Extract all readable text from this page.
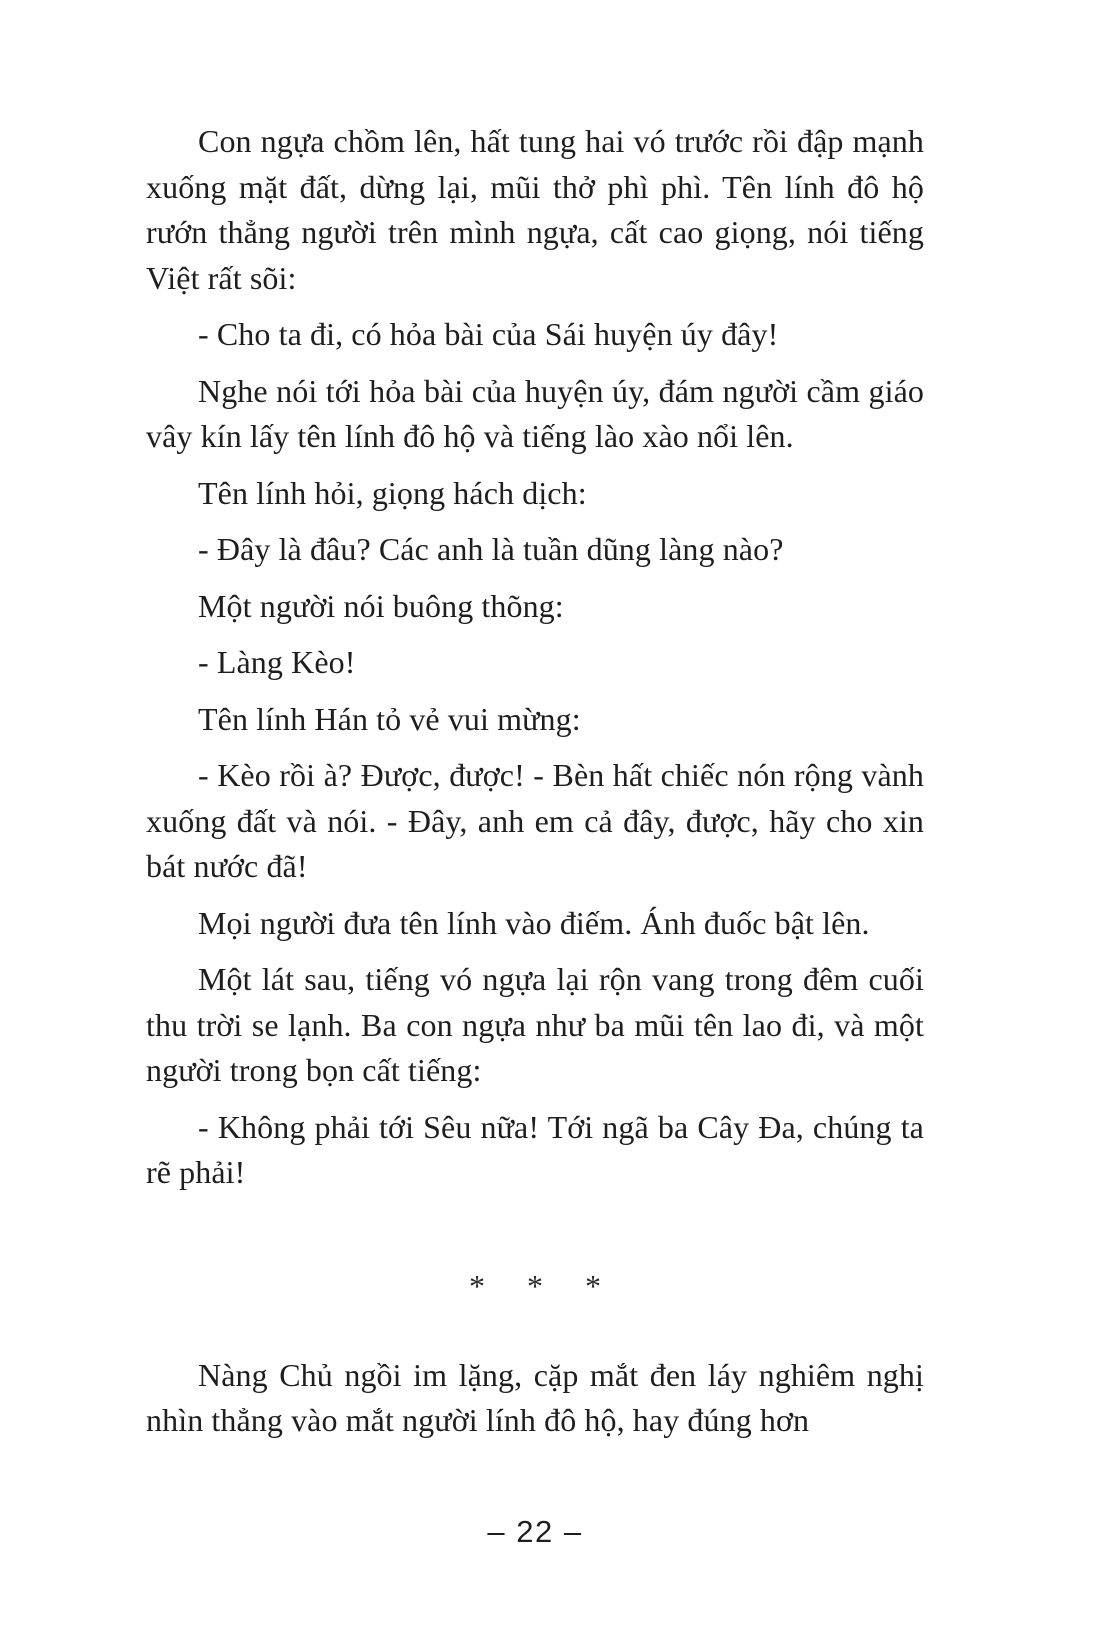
Con ngựa chồm lên, hất tung hai vó trước rồi đập mạnh xuống mặt đất, dừng lại, mũi thở phì phì. Tên lính đô hộ rướn thẳng người trên mình ngựa, cất cao giọng, nói tiếng Việt rất sõi:

- Cho ta đi, có hỏa bài của Sái huyện úy đây!

Nghe nói tới hỏa bài của huyện úy, đám người cầm giáo vây kín lấy tên lính đô hộ và tiếng lào xào nổi lên.

Tên lính hỏi, giọng hách dịch:

- Đây là đâu? Các anh là tuần dũng làng nào?

Một người nói buông thõng:

- Làng Kèo!

Tên lính Hán tỏ vẻ vui mừng:

- Kèo rồi à? Được, được! - Bèn hất chiếc nón rộng vành xuống đất và nói. - Đây, anh em cả đây, được, hãy cho xin bát nước đã!

Mọi người đưa tên lính vào điếm. Ánh đuốc bật lên.

Một lát sau, tiếng vó ngựa lại rộn vang trong đêm cuối thu trời se lạnh. Ba con ngựa như ba mũi tên lao đi, và một người trong bọn cất tiếng:

- Không phải tới Sêu nữa! Tới ngã ba Cây Đa, chúng ta rẽ phải!

* * *

Nàng Chủ ngồi im lặng, cặp mắt đen láy nghiêm nghị nhìn thẳng vào mắt người lính đô hộ, hay đúng hơn

– 22 –
